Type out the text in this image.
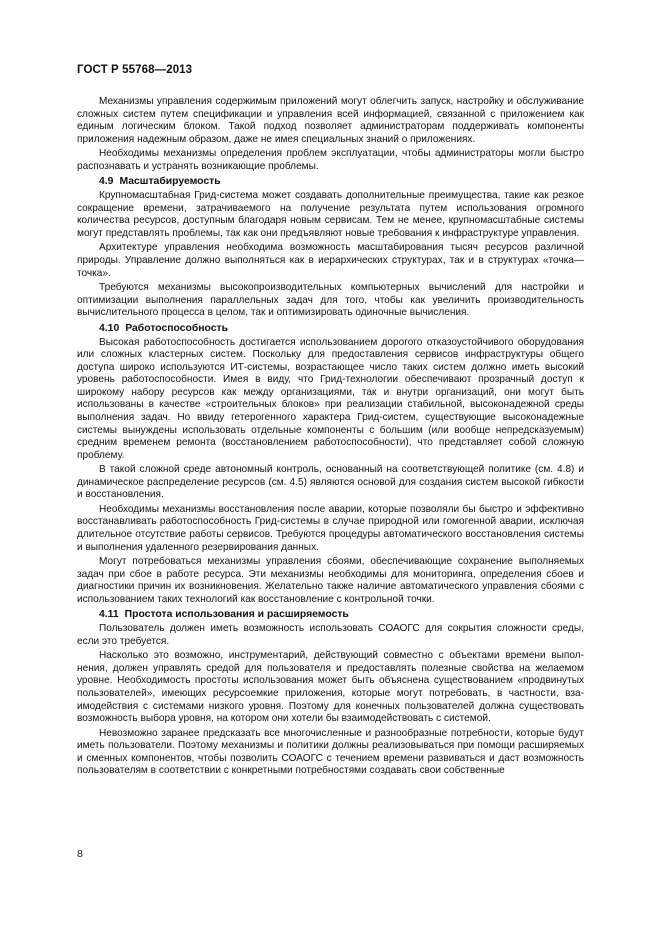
ГОСТ Р 55768—2013

Механизмы управления содержимым приложений могут облегчить запуск, настройку и обслуживание сложных систем путем спецификации и управления всей информацией, связанной с приложением как единым логическим блоком. Такой подход позволяет администраторам поддерживать компоненты приложения надежным образом, даже не имея специальных знаний о приложениях.

Необходимы механизмы определения проблем эксплуатации, чтобы администраторы могли быстро распознавать и устранять возникающие проблемы.

4.9 Масштабируемость

Крупномасштабная Грид-система может создавать дополнительные преимущества, такие как резкое сокращение времени, затрачиваемого на получение результата путем использования огромного количества ресурсов, доступным благодаря новым сервисам. Тем не менее, крупномасштабные системы могут представлять проблемы, так как они предъявляют новые требования к инфраструктуре управления.

Архитектуре управления необходима возможность масштабирования тысяч ресурсов различной природы. Управление должно выполняться как в иерархических структурах, так и в структурах «точка—точка».

Требуются механизмы высокопроизводительных компьютерных вычислений для настройки и оптимизации выполнения параллельных задач для того, чтобы как увеличить производительность вычислительного процесса в целом, так и оптимизировать одиночные вычисления.

4.10 Работоспособность

Высокая работоспособность достигается использованием дорогого отказоустойчивого оборудования или сложных кластерных систем. Поскольку для предоставления сервисов инфраструктуры общего доступа широко используются ИТ-системы, возрастающее число таких систем должно иметь высокий уровень работоспособности. Имея в виду, что Грид-технологии обеспечивают прозрачный доступ к широкому набору ресурсов как между организациями, так и внутри организаций, они могут быть использованы в качестве «строительных блоков» при реализации стабильной, высоконадежной среды выполнения задач. Но ввиду гетерогенного характера Грид-систем, существующие высоконадежные системы вынуждены использовать отдельные компоненты с большим (или вообще непредсказуемым) средним временем ремонта (восстановлением работоспособности), что представляет собой сложную проблему.

В такой сложной среде автономный контроль, основанный на соответствующей политике (см. 4.8) и динамическое распределение ресурсов (см. 4.5) являются основой для создания систем высокой гибкости и восстановления.

Необходимы механизмы восстановления после аварии, которые позволяли бы быстро и эффективно восстанавливать работоспособность Грид-системы в случае природной или гомогенной аварии, исключая длительное отсутствие работы сервисов. Требуются процедуры автоматического восстановления системы и выполнения удаленного резервирования данных.

Могут потребоваться механизмы управления сбоями, обеспечивающие сохранение выполняемых задач при сбое в работе ресурса. Эти механизмы необходимы для мониторинга, определения сбоев и диагностики причин их возникновения. Желательно также наличие автоматического управления сбоями с использованием таких технологий как восстановление с контрольной точки.

4.11 Простота использования и расширяемость

Пользователь должен иметь возможность использовать СОАОГС для сокрытия сложности среды, если это требуется.

Насколько это возможно, инструментарий, действующий совместно с объектами времени выполнения, должен управлять средой для пользователя и предоставлять полезные свойства на желаемом уровне. Необходимость простоты использования может быть объяснена существованием «продвинутых пользователей», имеющих ресурсоемкие приложения, которые могут потребовать, в частности, взаимодействия с системами низкого уровня. Поэтому для конечных пользователей должна существовать возможность выбора уровня, на котором они хотели бы взаимодействовать с системой.

Невозможно заранее предсказать все многочисленные и разнообразные потребности, которые будут иметь пользователи. Поэтому механизмы и политики должны реализовываться при помощи расширяемых и сменных компонентов, чтобы позволить СОАОГС с течением времени развиваться и даст возможность пользователям в соответствии с конкретными потребностями создавать свои собственные

8
